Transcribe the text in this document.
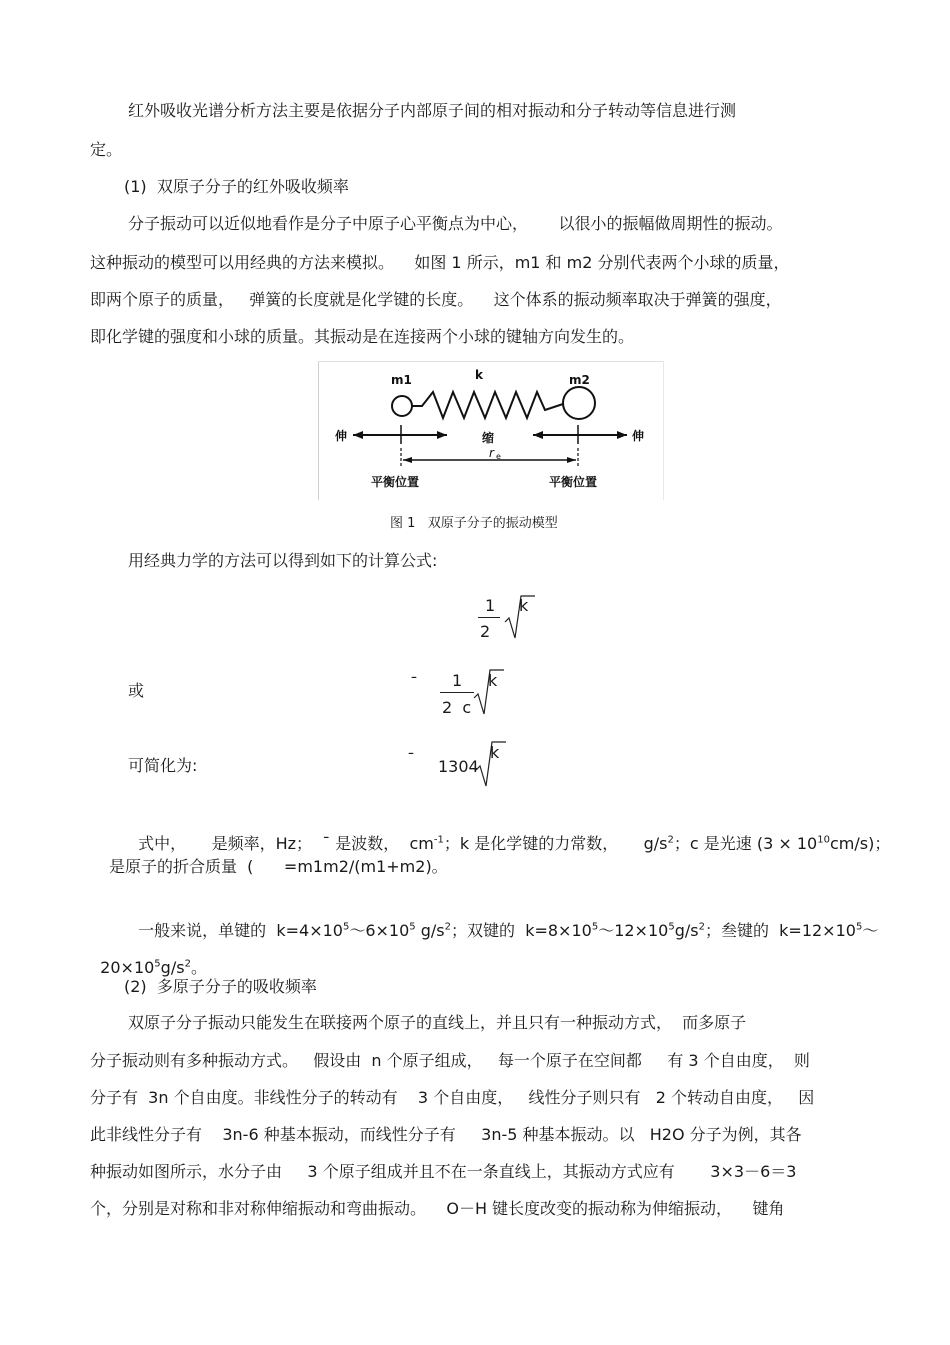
红外吸收光谱分析方法主要是依据分子内部原子间的相对振动和分子转动等信息进行测
定。
(1)  双原子分子的红外吸收频率
分子振动可以近似地看作是分子中原子心平衡点为中心，      以很小的振幅做周期性的振动。
这种振动的模型可以用经典的方法来模拟。    如图 1 所示，m1 和 m2 分别代表两个小球的质量，
即两个原子的质量，   弹簧的长度就是化学键的长度。    这个体系的振动频率取决于弹簧的强度，
即化学键的强度和小球的质量。其振动是在连接两个小球的键轴方向发生的。
m1	k	m2
伸	缩	伸
r e
平衡位置	平衡位置
图 1   双原子分子的振动模型
用经典力学的方法可以得到如下的计算公式:
1
2
k
或	¯ 1
2  c
k
可简化为:	¯ 1304
k

式中，     是频率，Hz；  ¯ 是波数，  $cm^{-1}$；k 是化学键的力常数，     $g/s^2$；c 是光速 $(3 \times 10^{10}cm/s)$；

是原子的折合质量  (      =m1m2/(m1+m2)。

一般来说，单键的  $k=4\times 10^5\sim 6\times 10^5$ $g/s^2$；双键的  $k=8\times 10^5\sim 12\times 10^5g/s^2$；叁键的  $k=12\times 10^5\sim$

$20\times 10^5g/s^2$。

(2)  多原子分子的吸收频率
双原子分子振动只能发生在联接两个原子的直线上，并且只有一种振动方式，  而多原子
分子振动则有多种振动方式。   假设由  n 个原子组成，   每一个原子在空间都     有 3 个自由度，  则
分子有  3n 个自由度。非线性分子的转动有    3 个自由度，   线性分子则只有   2 个转动自由度，   因
此非线性分子有    3n-6 种基本振动，而线性分子有     3n-5 种基本振动。以   H2O 分子为例，其各
种振动如图所示，水分子由     3 个原子组成并且不在一条直线上，其振动方式应有       3×3－6＝3
个，分别是对称和非对称伸缩振动和弯曲振动。    O－H 键长度改变的振动称为伸缩振动，    键角
